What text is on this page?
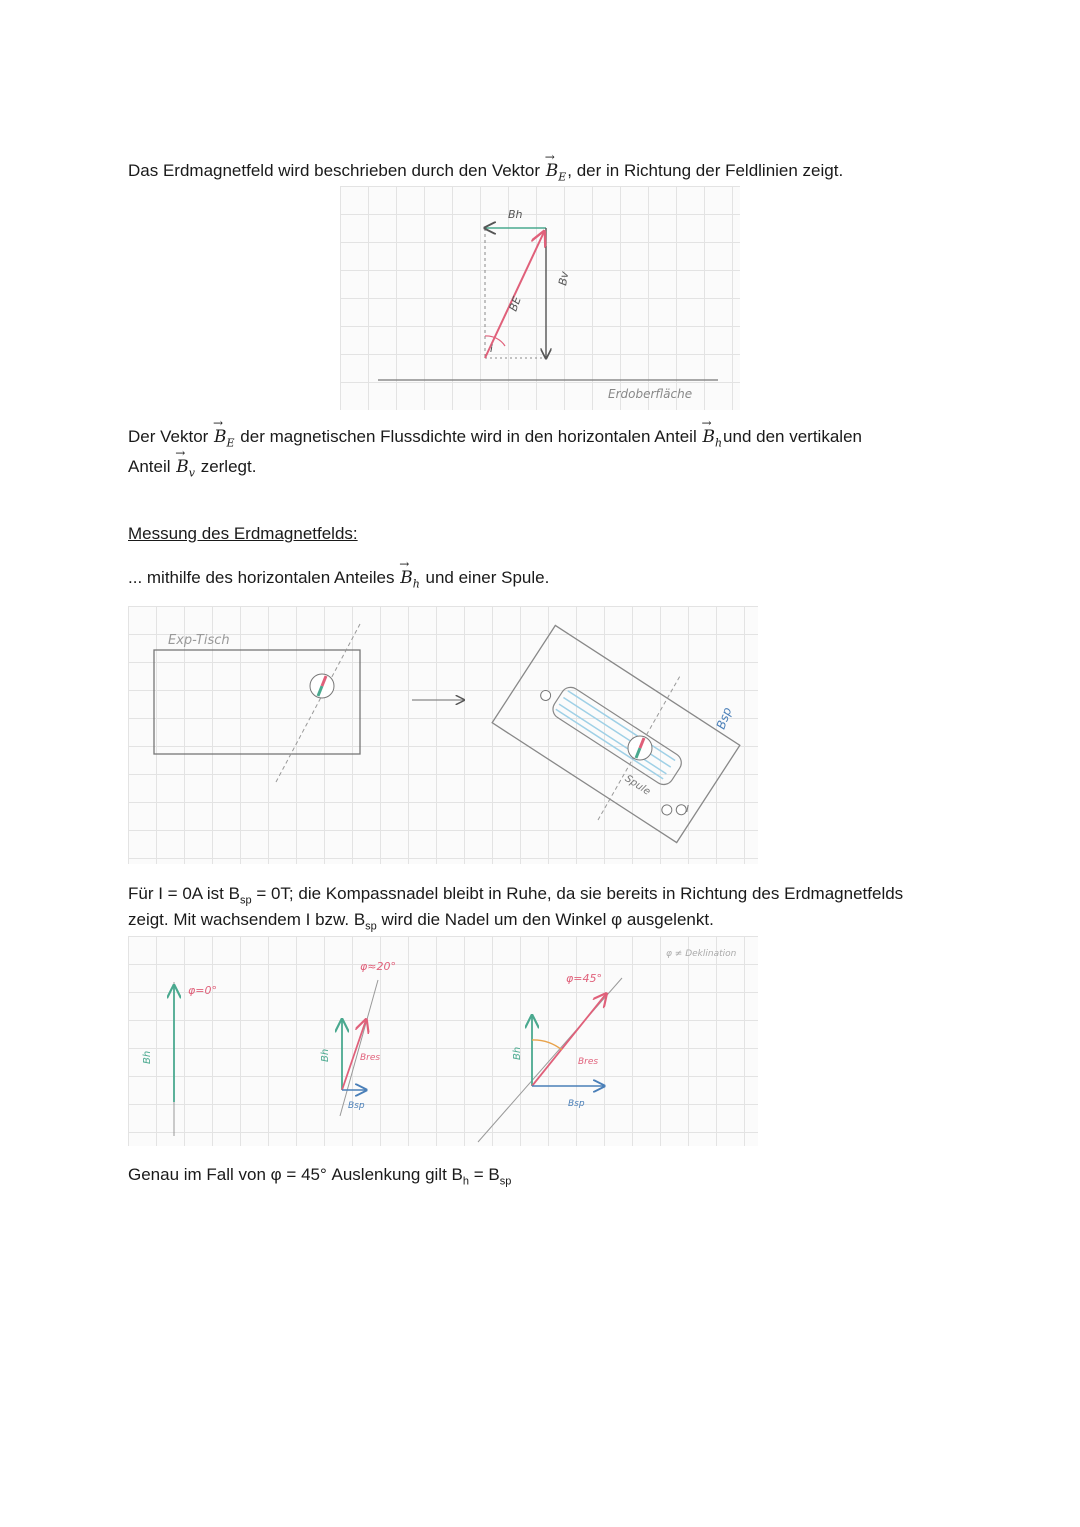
Das Erdmagnetfeld wird beschrieben durch den Vektor → $B_E$, der in Richtung der Feldlinien zeigt.
i
Bh
Bv
BE
Erdoberfläche
Der Vektor → $B_E$ der magnetischen Flussdichte wird in den horizontalen Anteil → $B_hund$ den vertikalen
Anteil → $B_v$ zerlegt.
Messung des Erdmagnetfelds:
... mithilfe des horizontalen Anteiles → $B_h$ und einer Spule.
Exp-Tisch
Spule
Bsp
I
Für I = 0A ist $B_{sp} = 0T$; die Kompassnadel bleibt in Ruhe, da sie bereits in Richtung des Erdmagnetfelds
zeigt. Mit wachsendem I bzw. $B_{sp}$ wird die Nadel um den Winkel φ ausgelenkt.
φ=0°
Bh
φ≈20°
Bh	Bres
Bsp
φ=45°
Bh
Bres
Bsp
φ ≠ Deklination
Genau im Fall von φ = 45° Auslenkung gilt $B_h = B_{sp}$
